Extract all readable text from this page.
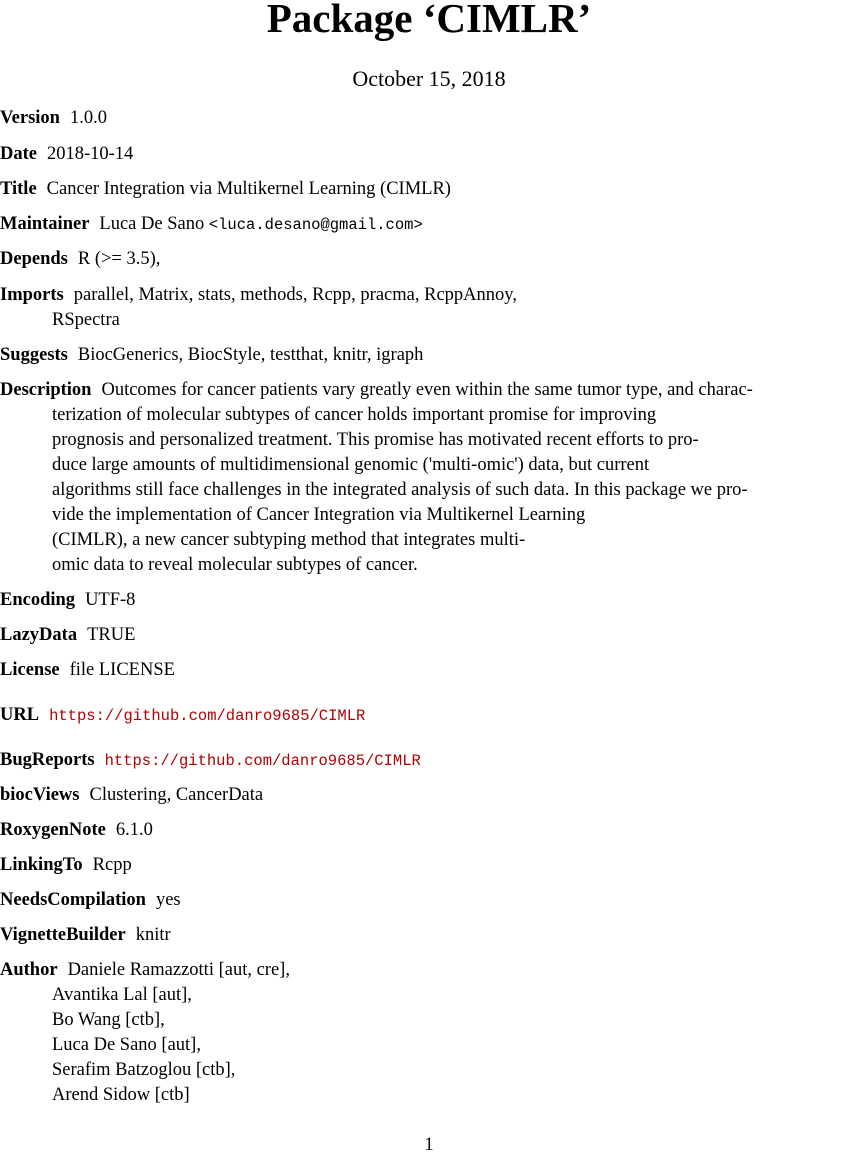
Package ‘CIMLR’
October 15, 2018
Version 1.0.0
Date 2018-10-14
Title Cancer Integration via Multikernel Learning (CIMLR)
Maintainer Luca De Sano <luca.desano@gmail.com>
Depends R (>= 3.5),
Imports parallel, Matrix, stats, methods, Rcpp, pracma, RcppAnnoy,
RSpectra
Suggests BiocGenerics, BiocStyle, testthat, knitr, igraph
Description Outcomes for cancer patients vary greatly even within the same tumor type, and charac-
terization of molecular subtypes of cancer holds important promise for improving
prognosis and personalized treatment. This promise has motivated recent efforts to pro-
duce large amounts of multidimensional genomic ('multi-omic') data, but current
algorithms still face challenges in the integrated analysis of such data. In this package we pro-
vide the implementation of Cancer Integration via Multikernel Learning
(CIMLR), a new cancer subtyping method that integrates multi-
omic data to reveal molecular subtypes of cancer.
Encoding UTF-8
LazyData TRUE
License file LICENSE
URL https://github.com/danro9685/CIMLR
BugReports https://github.com/danro9685/CIMLR
biocViews Clustering, CancerData
RoxygenNote 6.1.0
LinkingTo Rcpp
NeedsCompilation yes
VignetteBuilder knitr
Author Daniele Ramazzotti [aut, cre],
Avantika Lal [aut],
Bo Wang [ctb],
Luca De Sano [aut],
Serafim Batzoglou [ctb],
Arend Sidow [ctb]
1
